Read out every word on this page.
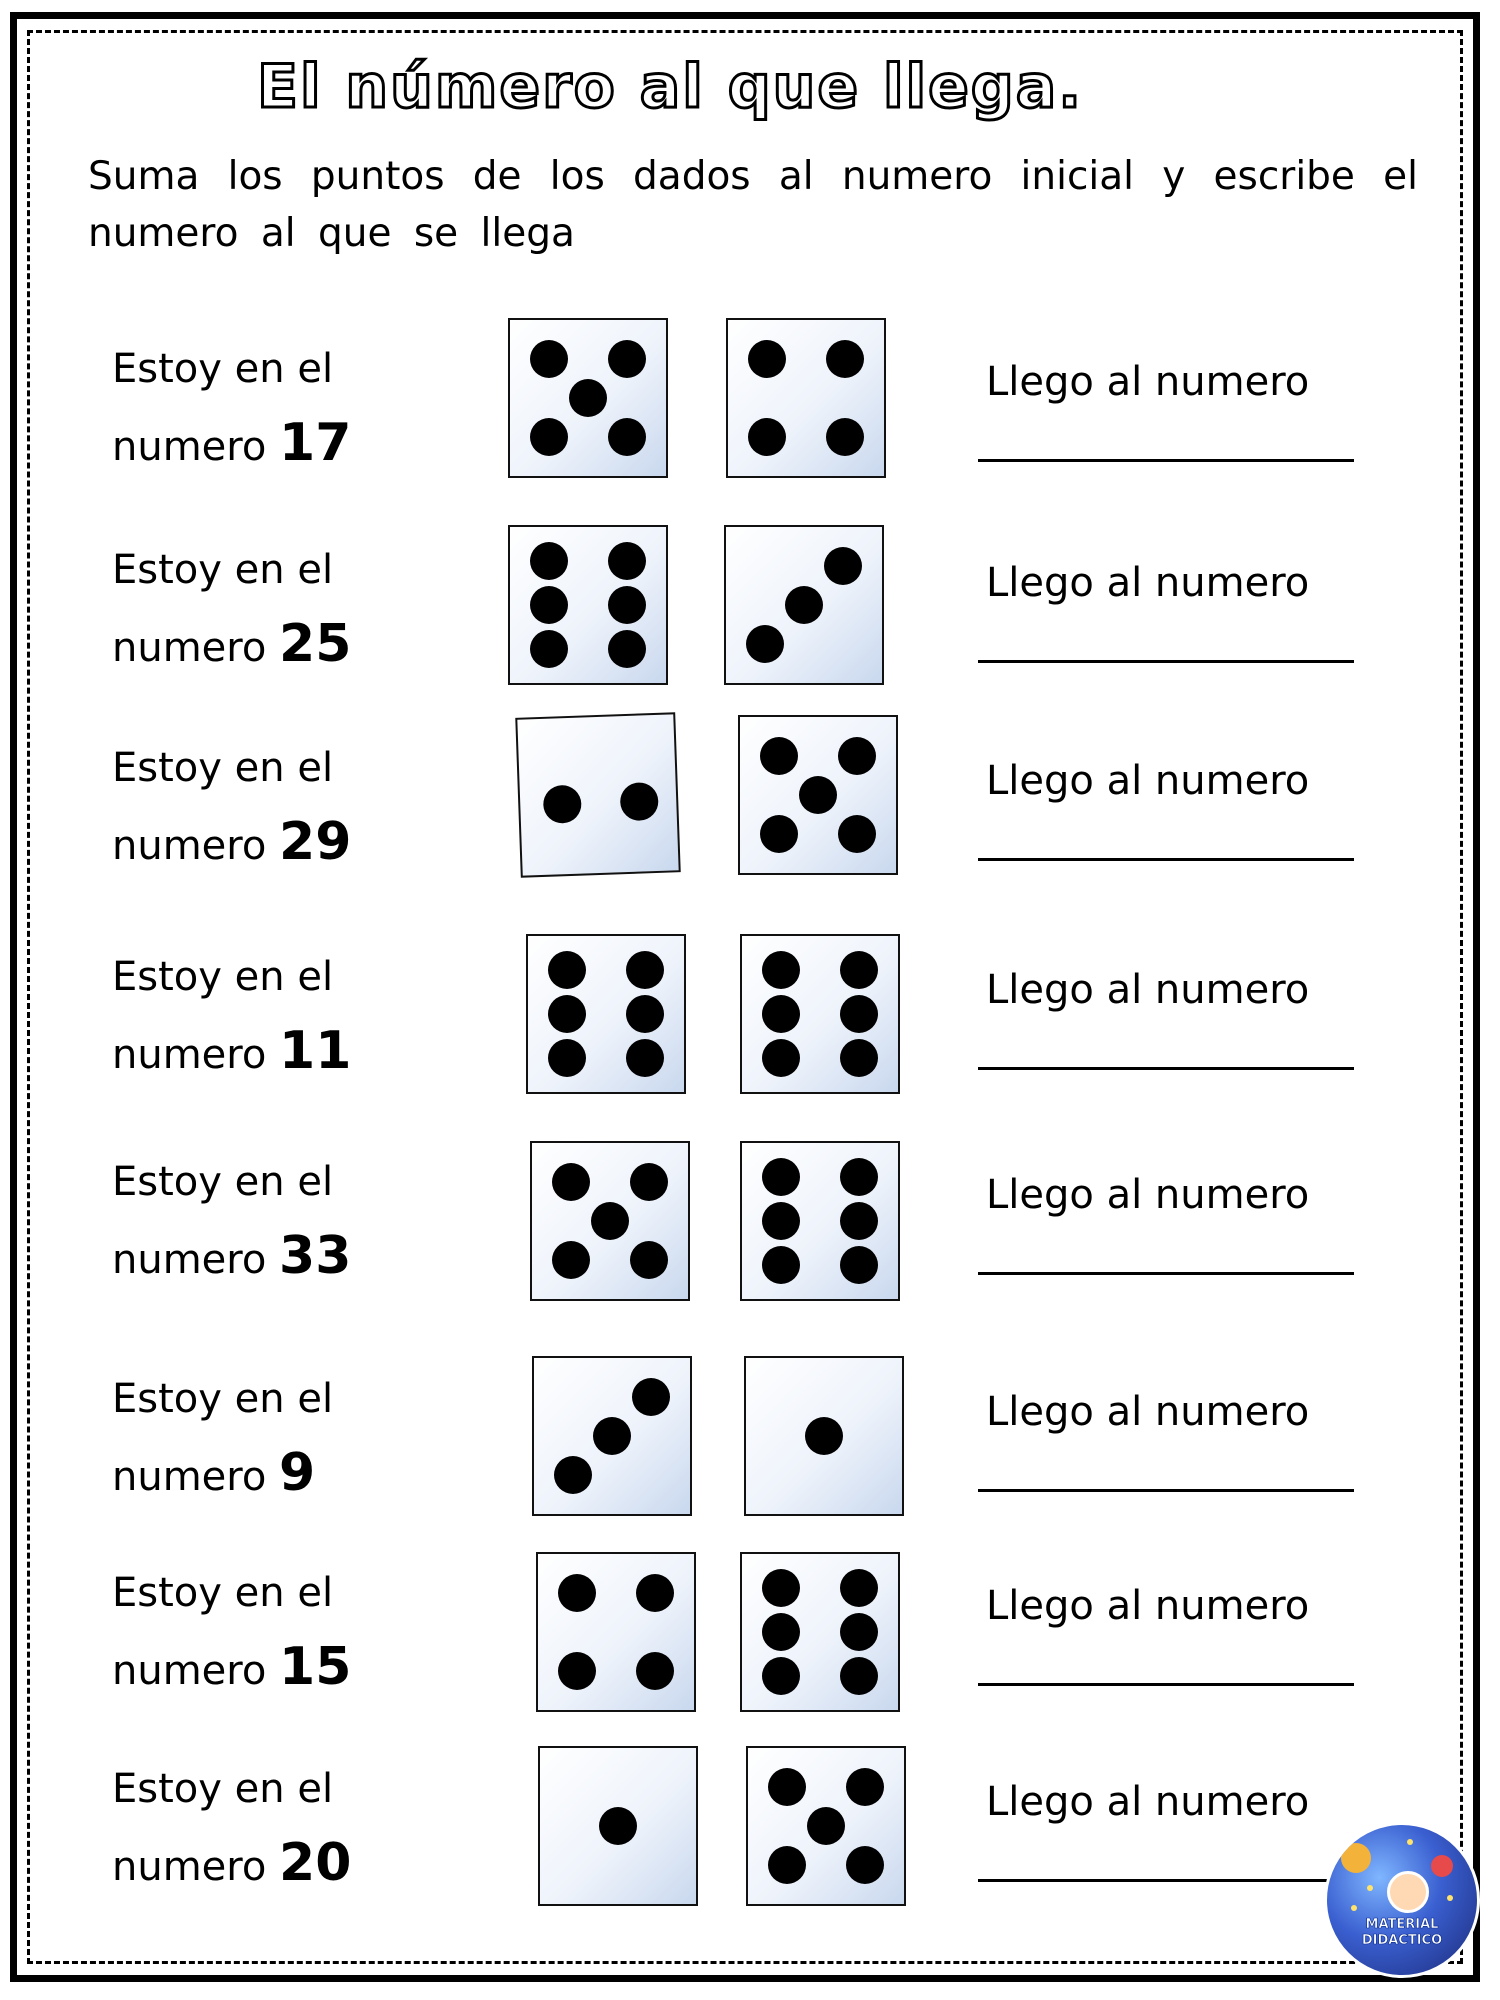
El número al que llega.
Suma los puntos de los dados al numero inicial y escribe el numero al que se llega
Estoy en el
numero 17
Llego al numero
Estoy en el
numero 25
Llego al numero
Estoy en el
numero 29
Llego al numero
Estoy en el
numero 11
Llego al numero
Estoy en el
numero 33
Llego al numero
Estoy en el
numero 9
Llego al numero
Estoy en el
numero 15
Llego al numero
Estoy en el
numero 20
Llego al numero
MATERIAL
DIDACTICO
